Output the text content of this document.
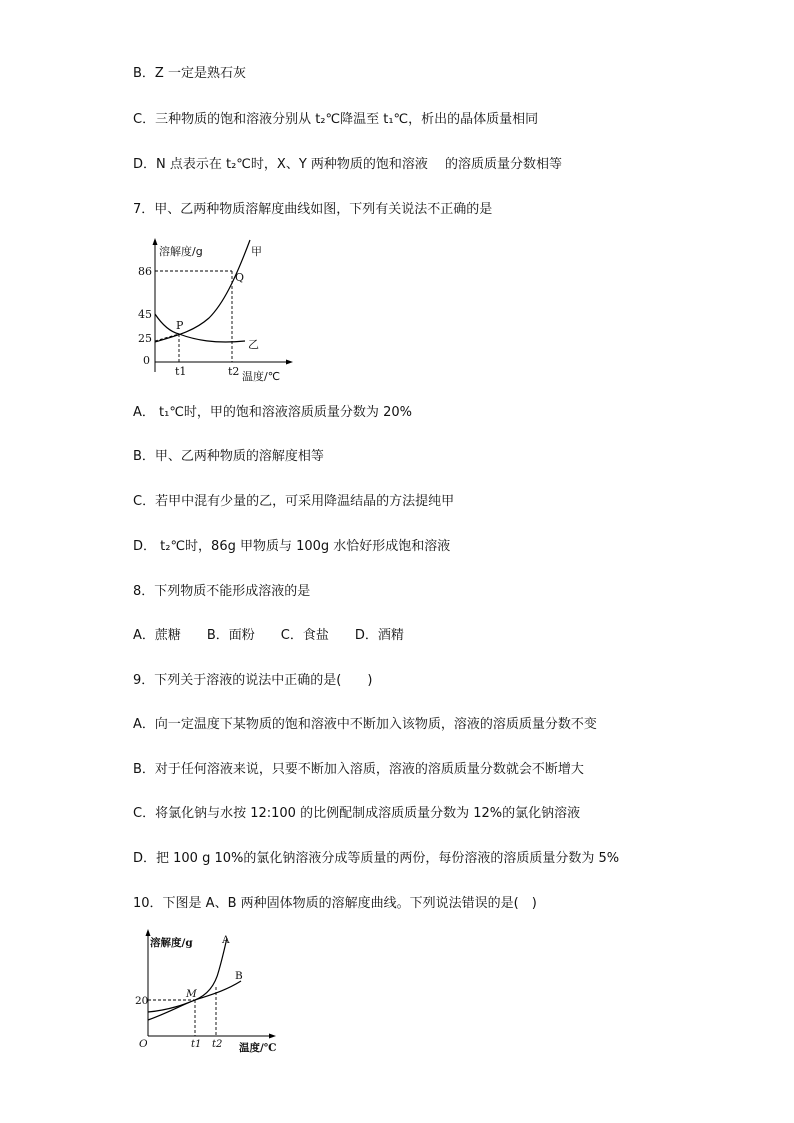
B．Z 一定是熟石灰
C．三种物质的饱和溶液分别从 t₂℃降温至 t₁℃，析出的晶体质量相同
D．N 点表示在 t₂℃时，X、Y 两种物质的饱和溶液　 的溶质质量分数相等
7．甲、乙两种物质溶解度曲线如图，下列有关说法不正确的是
溶解度/g
86
45
25
0
甲
乙
P
Q
t1	t2 温度/℃
A． t₁℃时，甲的饱和溶液溶质质量分数为 20%
B．甲、乙两种物质的溶解度相等
C．若甲中混有少量的乙，可采用降温结晶的方法提纯甲
D． t₂℃时，86g 甲物质与 100g 水恰好形成饱和溶液
8．下列物质不能形成溶液的是
A．蔗糖　　B．面粉　　C．食盐　　D．酒精
9．下列关于溶液的说法中正确的是(　　)
A．向一定温度下某物质的饱和溶液中不断加入该物质，溶液的溶质质量分数不变
B．对于任何溶液来说，只要不断加入溶质，溶液的溶质质量分数就会不断增大
C．将氯化钠与水按 12:100 的比例配制成溶质质量分数为 12%的氯化钠溶液
D．把 100 g 10%的氯化钠溶液分成等质量的两份，每份溶液的溶质质量分数为 5%
10．下图是 A、B 两种固体物质的溶解度曲线。下列说法错误的是(　)
溶解度/g
20
O
A
B
M
t1 t2 温度/℃
